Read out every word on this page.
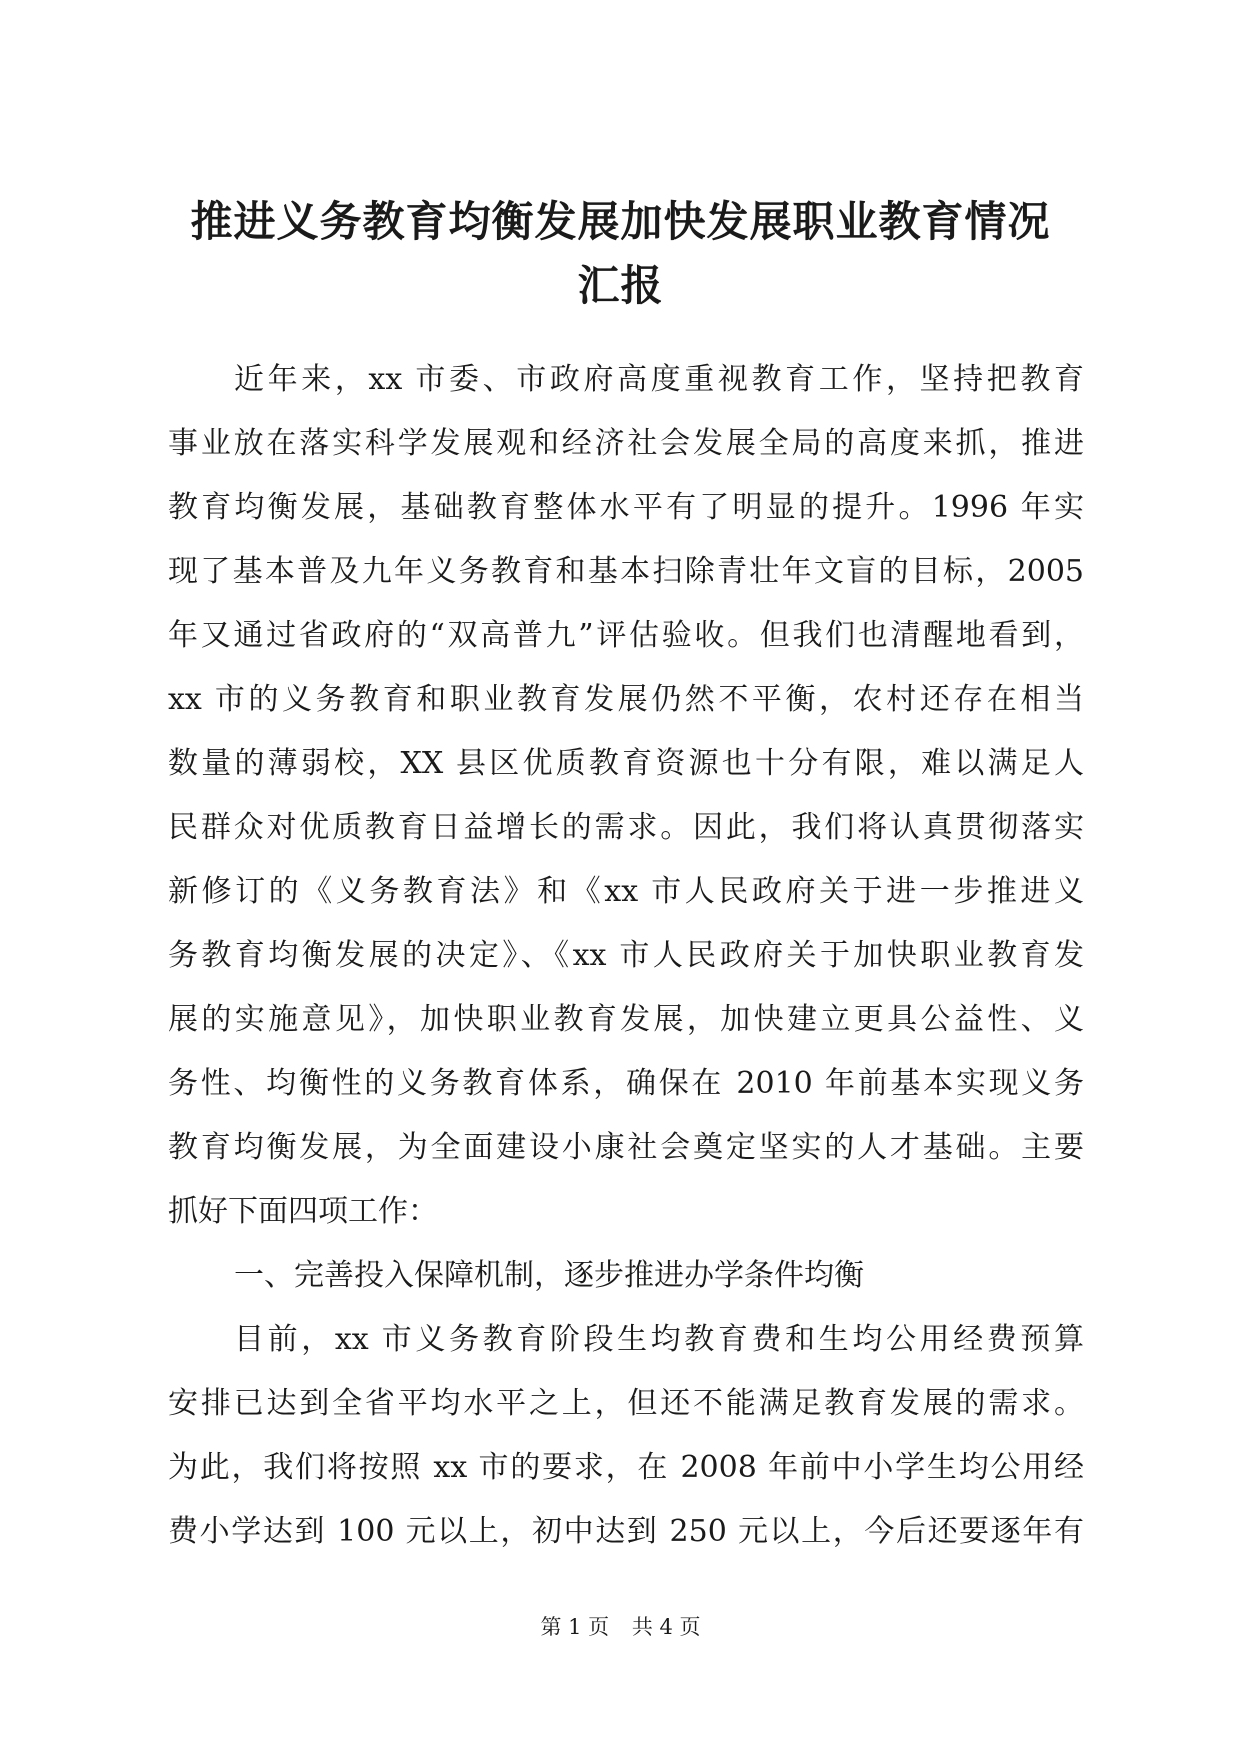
推进义务教育均衡发展加快发展职业教育情况
汇报
近年来，xx 市委、市政府高度重视教育工作，坚持把教育
事业放在落实科学发展观和经济社会发展全局的高度来抓，推进
教育均衡发展，基础教育整体水平有了明显的提升。1996 年实
现了基本普及九年义务教育和基本扫除青壮年文盲的目标，2005
年又通过省政府的“双高普九”评估验收。但我们也清醒地看到，
xx 市的义务教育和职业教育发展仍然不平衡，农村还存在相当
数量的薄弱校，XX 县区优质教育资源也十分有限，难以满足人
民群众对优质教育日益增长的需求。因此，我们将认真贯彻落实
新修订的《义务教育法》和《xx 市人民政府关于进一步推进义
务教育均衡发展的决定》、《xx 市人民政府关于加快职业教育发
展的实施意见》，加快职业教育发展，加快建立更具公益性、义
务性、均衡性的义务教育体系，确保在 2010 年前基本实现义务
教育均衡发展，为全面建设小康社会奠定坚实的人才基础。主要
抓好下面四项工作：
一、完善投入保障机制，逐步推进办学条件均衡
目前，xx 市义务教育阶段生均教育费和生均公用经费预算
安排已达到全省平均水平之上，但还不能满足教育发展的需求。
为此，我们将按照 xx 市的要求，在 2008 年前中小学生均公用经
费小学达到 100 元以上，初中达到 250 元以上，今后还要逐年有
第 1 页 共 4 页
